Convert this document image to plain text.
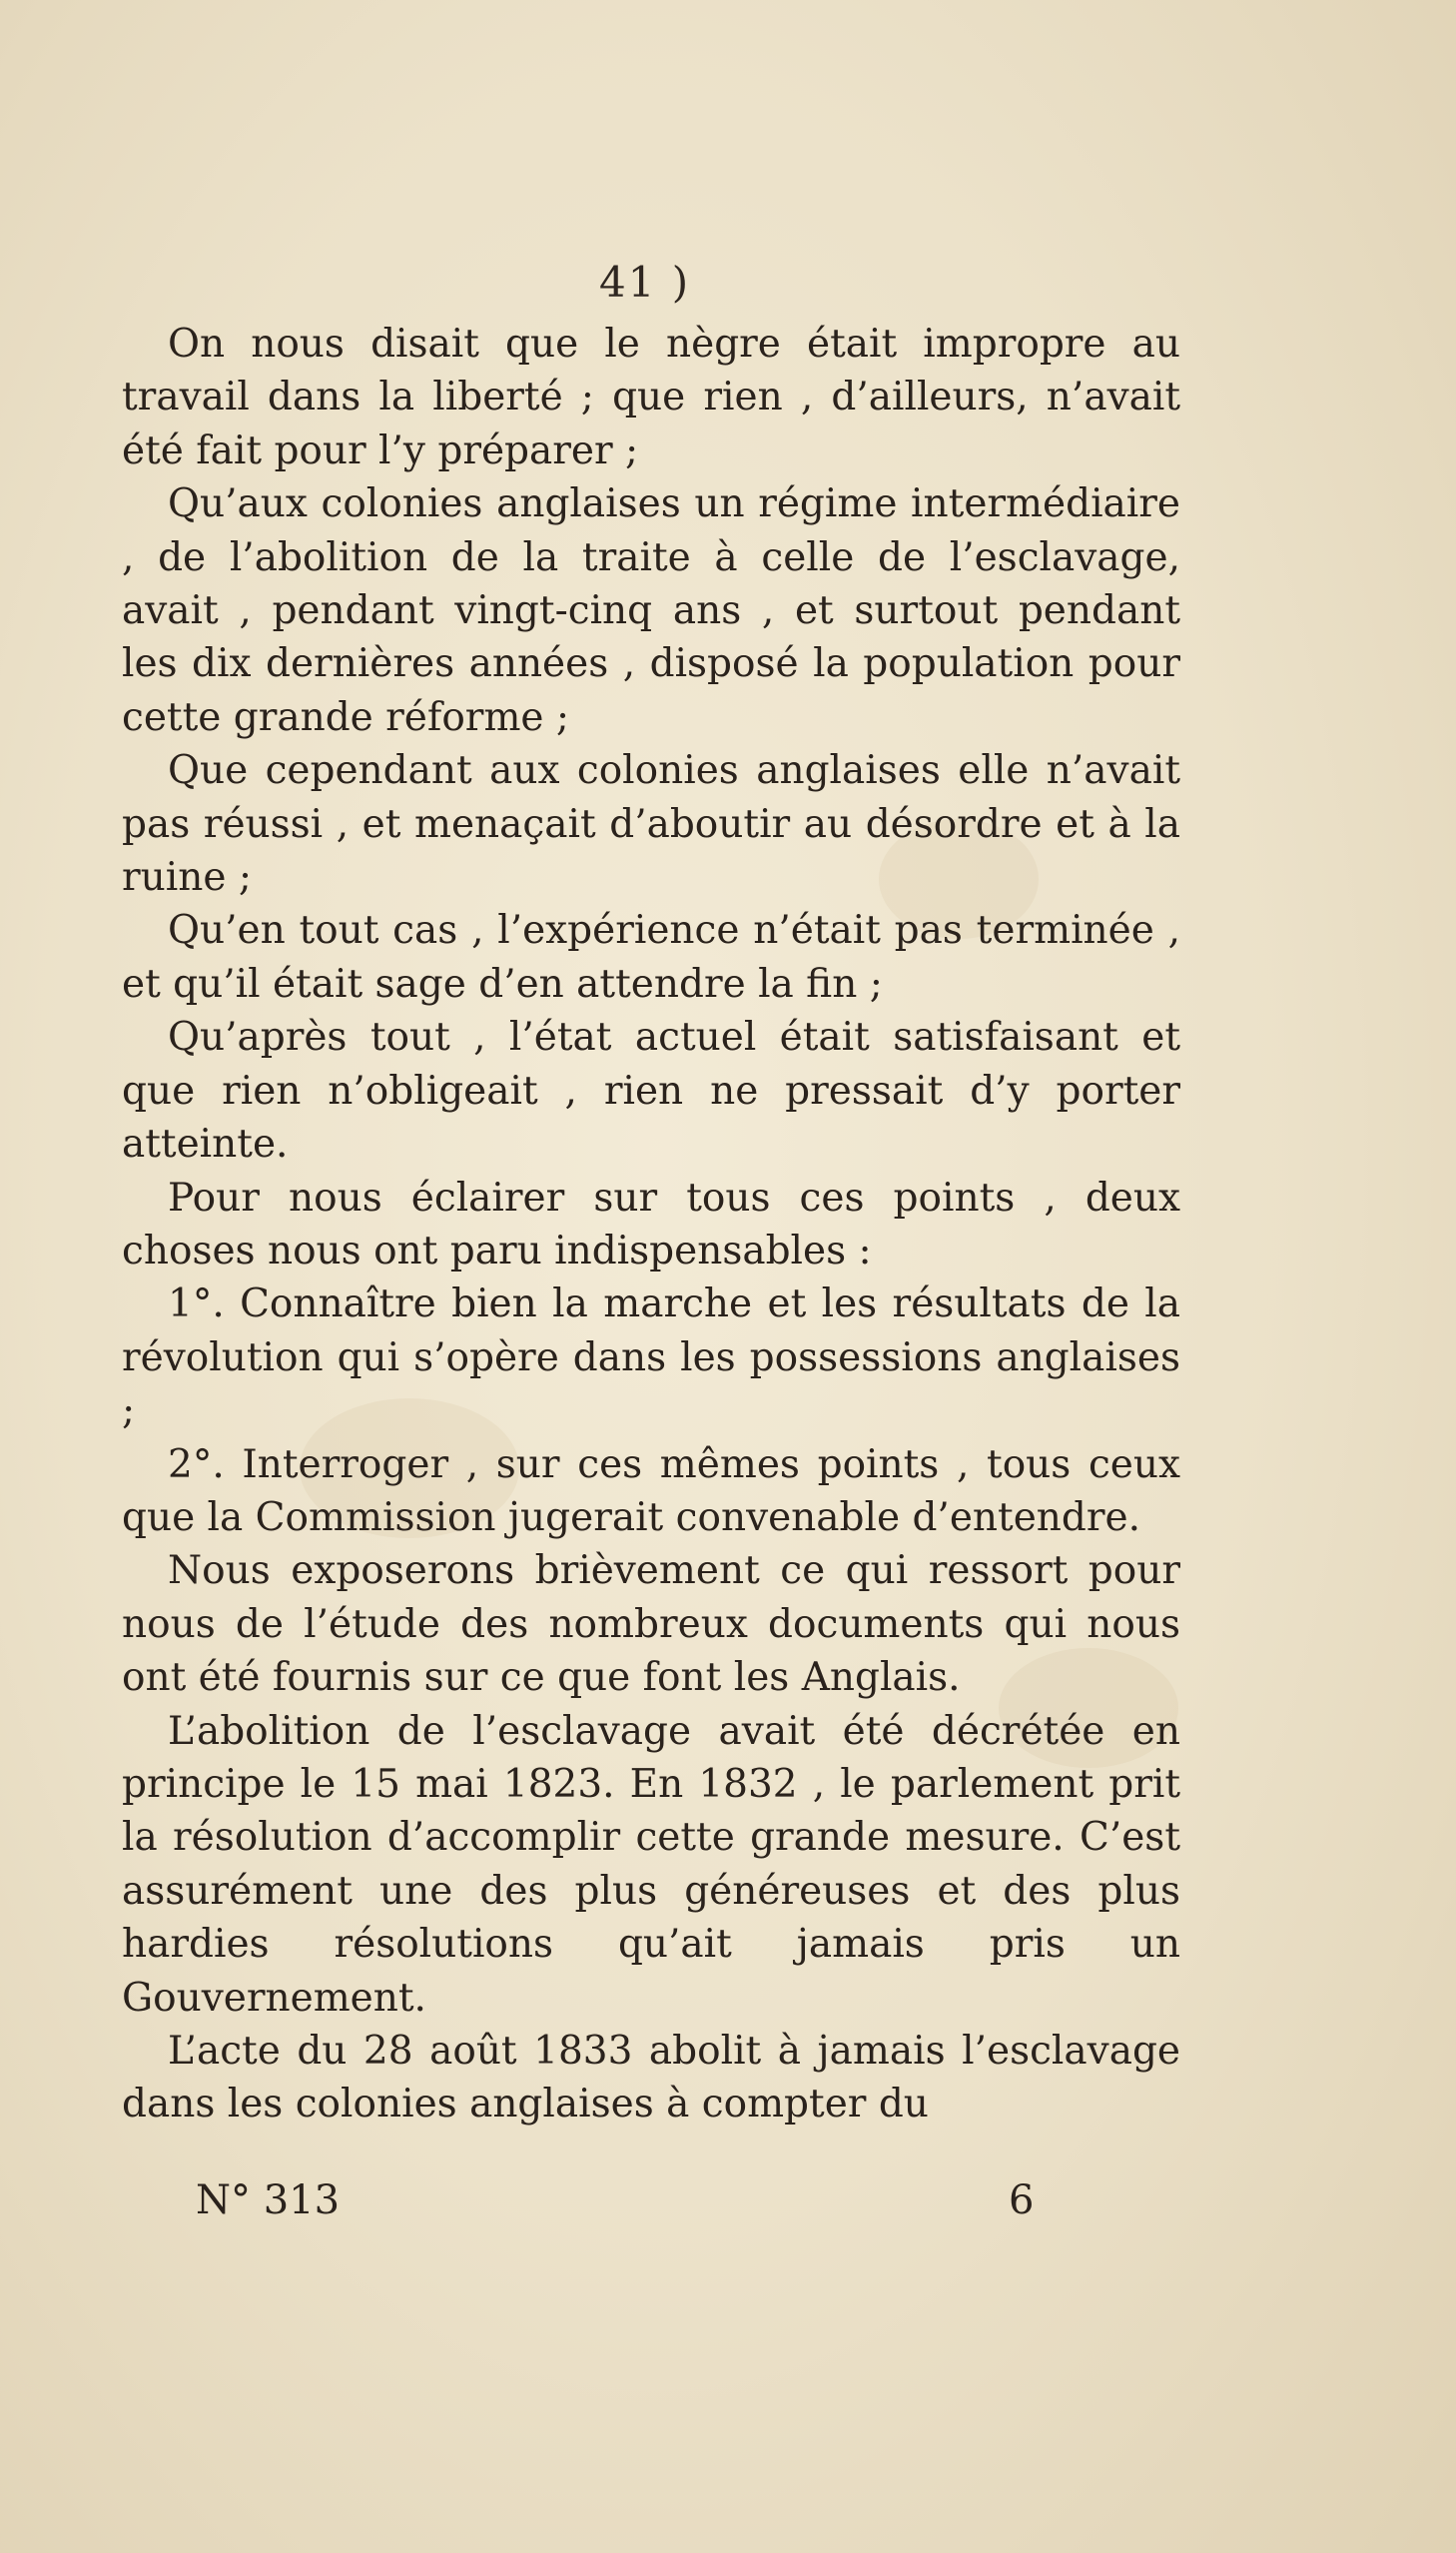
41 )

On nous disait que le nègre était impropre au travail dans la liberté ; que rien , d’ailleurs, n’avait été fait pour l’y préparer ;

Qu’aux colonies anglaises un régime intermédiaire , de l’abolition de la traite à celle de l’esclavage, avait , pendant vingt-cinq ans , et surtout pendant les dix dernières années , disposé la population pour cette grande réforme ;

Que cependant aux colonies anglaises elle n’avait pas réussi , et menaçait d’aboutir au désordre et à la ruine ;

Qu’en tout cas , l’expérience n’était pas terminée , et qu’il était sage d’en attendre la fin ;

Qu’après tout , l’état actuel était satisfaisant et que rien n’obligeait , rien ne pressait d’y porter atteinte.

Pour nous éclairer sur tous ces points , deux choses nous ont paru indispensables :

1°. Connaître bien la marche et les résultats de la révolution qui s’opère dans les possessions anglaises ;

2°. Interroger , sur ces mêmes points , tous ceux que la Commission jugerait convenable d’entendre.

Nous exposerons brièvement ce qui ressort pour nous de l’étude des nombreux documents qui nous ont été fournis sur ce que font les Anglais.

L’abolition de l’esclavage avait été décrétée en principe le 15 mai 1823. En 1832 , le parlement prit la résolution d’accomplir cette grande mesure. C’est assurément une des plus généreuses et des plus hardies résolutions qu’ait jamais pris un Gouvernement.

L’acte du 28 août 1833 abolit à jamais l’esclavage dans les colonies anglaises à compter du

N° 313	6
